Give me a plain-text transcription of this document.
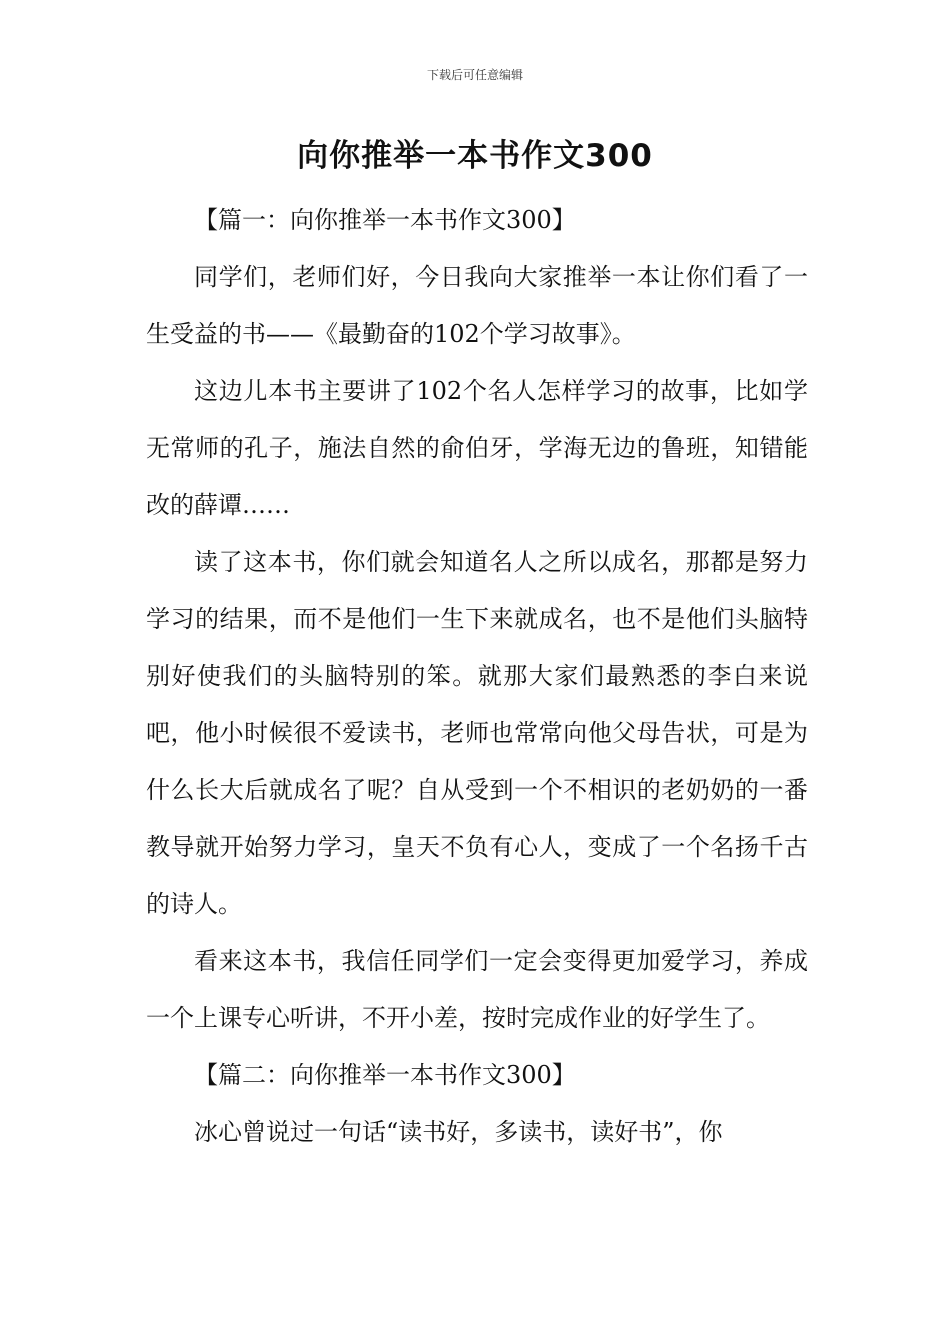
下载后可任意编辑
向你推举一本书作文300

【篇一：向你推举一本书作文300】

同学们，老师们好，今日我向大家推举一本让你们看了一生受益的书——《最勤奋的102个学习故事》。

这边儿本书主要讲了102个名人怎样学习的故事，比如学无常师的孔子，施法自然的俞伯牙，学海无边的鲁班，知错能改的薛谭……

读了这本书，你们就会知道名人之所以成名，那都是努力学习的结果，而不是他们一生下来就成名，也不是他们头脑特别好使我们的头脑特别的笨。就那大家们最熟悉的李白来说吧，他小时候很不爱读书，老师也常常向他父母告状，可是为什么长大后就成名了呢？自从受到一个不相识的老奶奶的一番教导就开始努力学习，皇天不负有心人，变成了一个名扬千古的诗人。

看来这本书，我信任同学们一定会变得更加爱学习，养成一个上课专心听讲，不开小差，按时完成作业的好学生了。

【篇二：向你推举一本书作文300】

冰心曾说过一句话“读书好，多读书，读好书”，你
